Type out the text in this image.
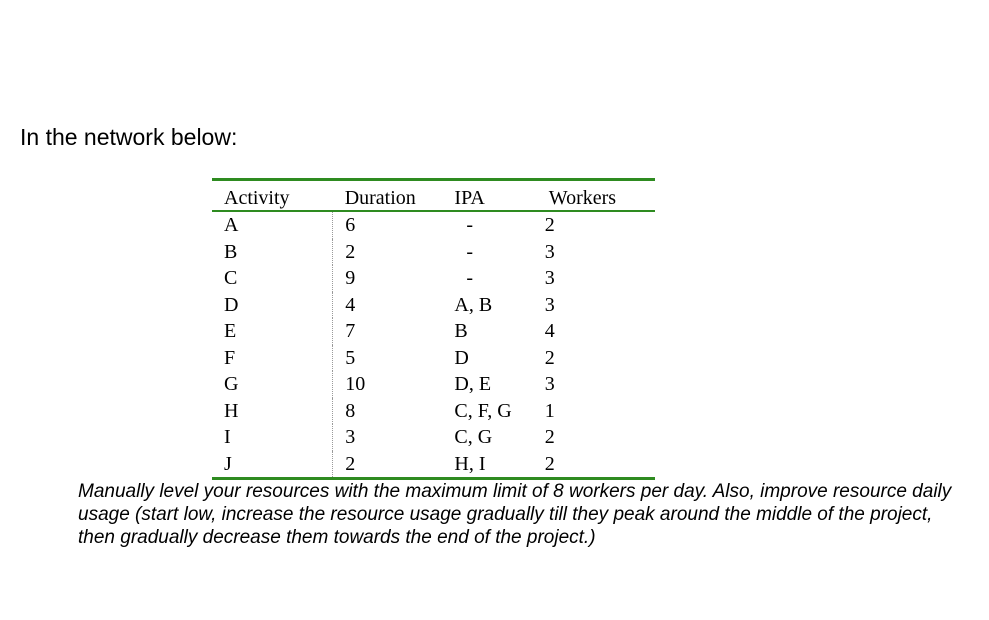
In the network below:
Activity	Duration	IPA	Workers
A	6	-	2
B	2	-	3
C	9	-	3
D	4	A, B	3
E	7	B	4
F	5	D	2
G	10	D, E	3
H	8	C, F, G	1
I	3	C, G	2
J	2	H, I	2
Manually level your resources with the maximum limit of 8 workers per day. Also, improve resource daily usage (start low, increase the resource usage gradually till they peak around the middle of the project, then gradually decrease them towards the end of the project.)
